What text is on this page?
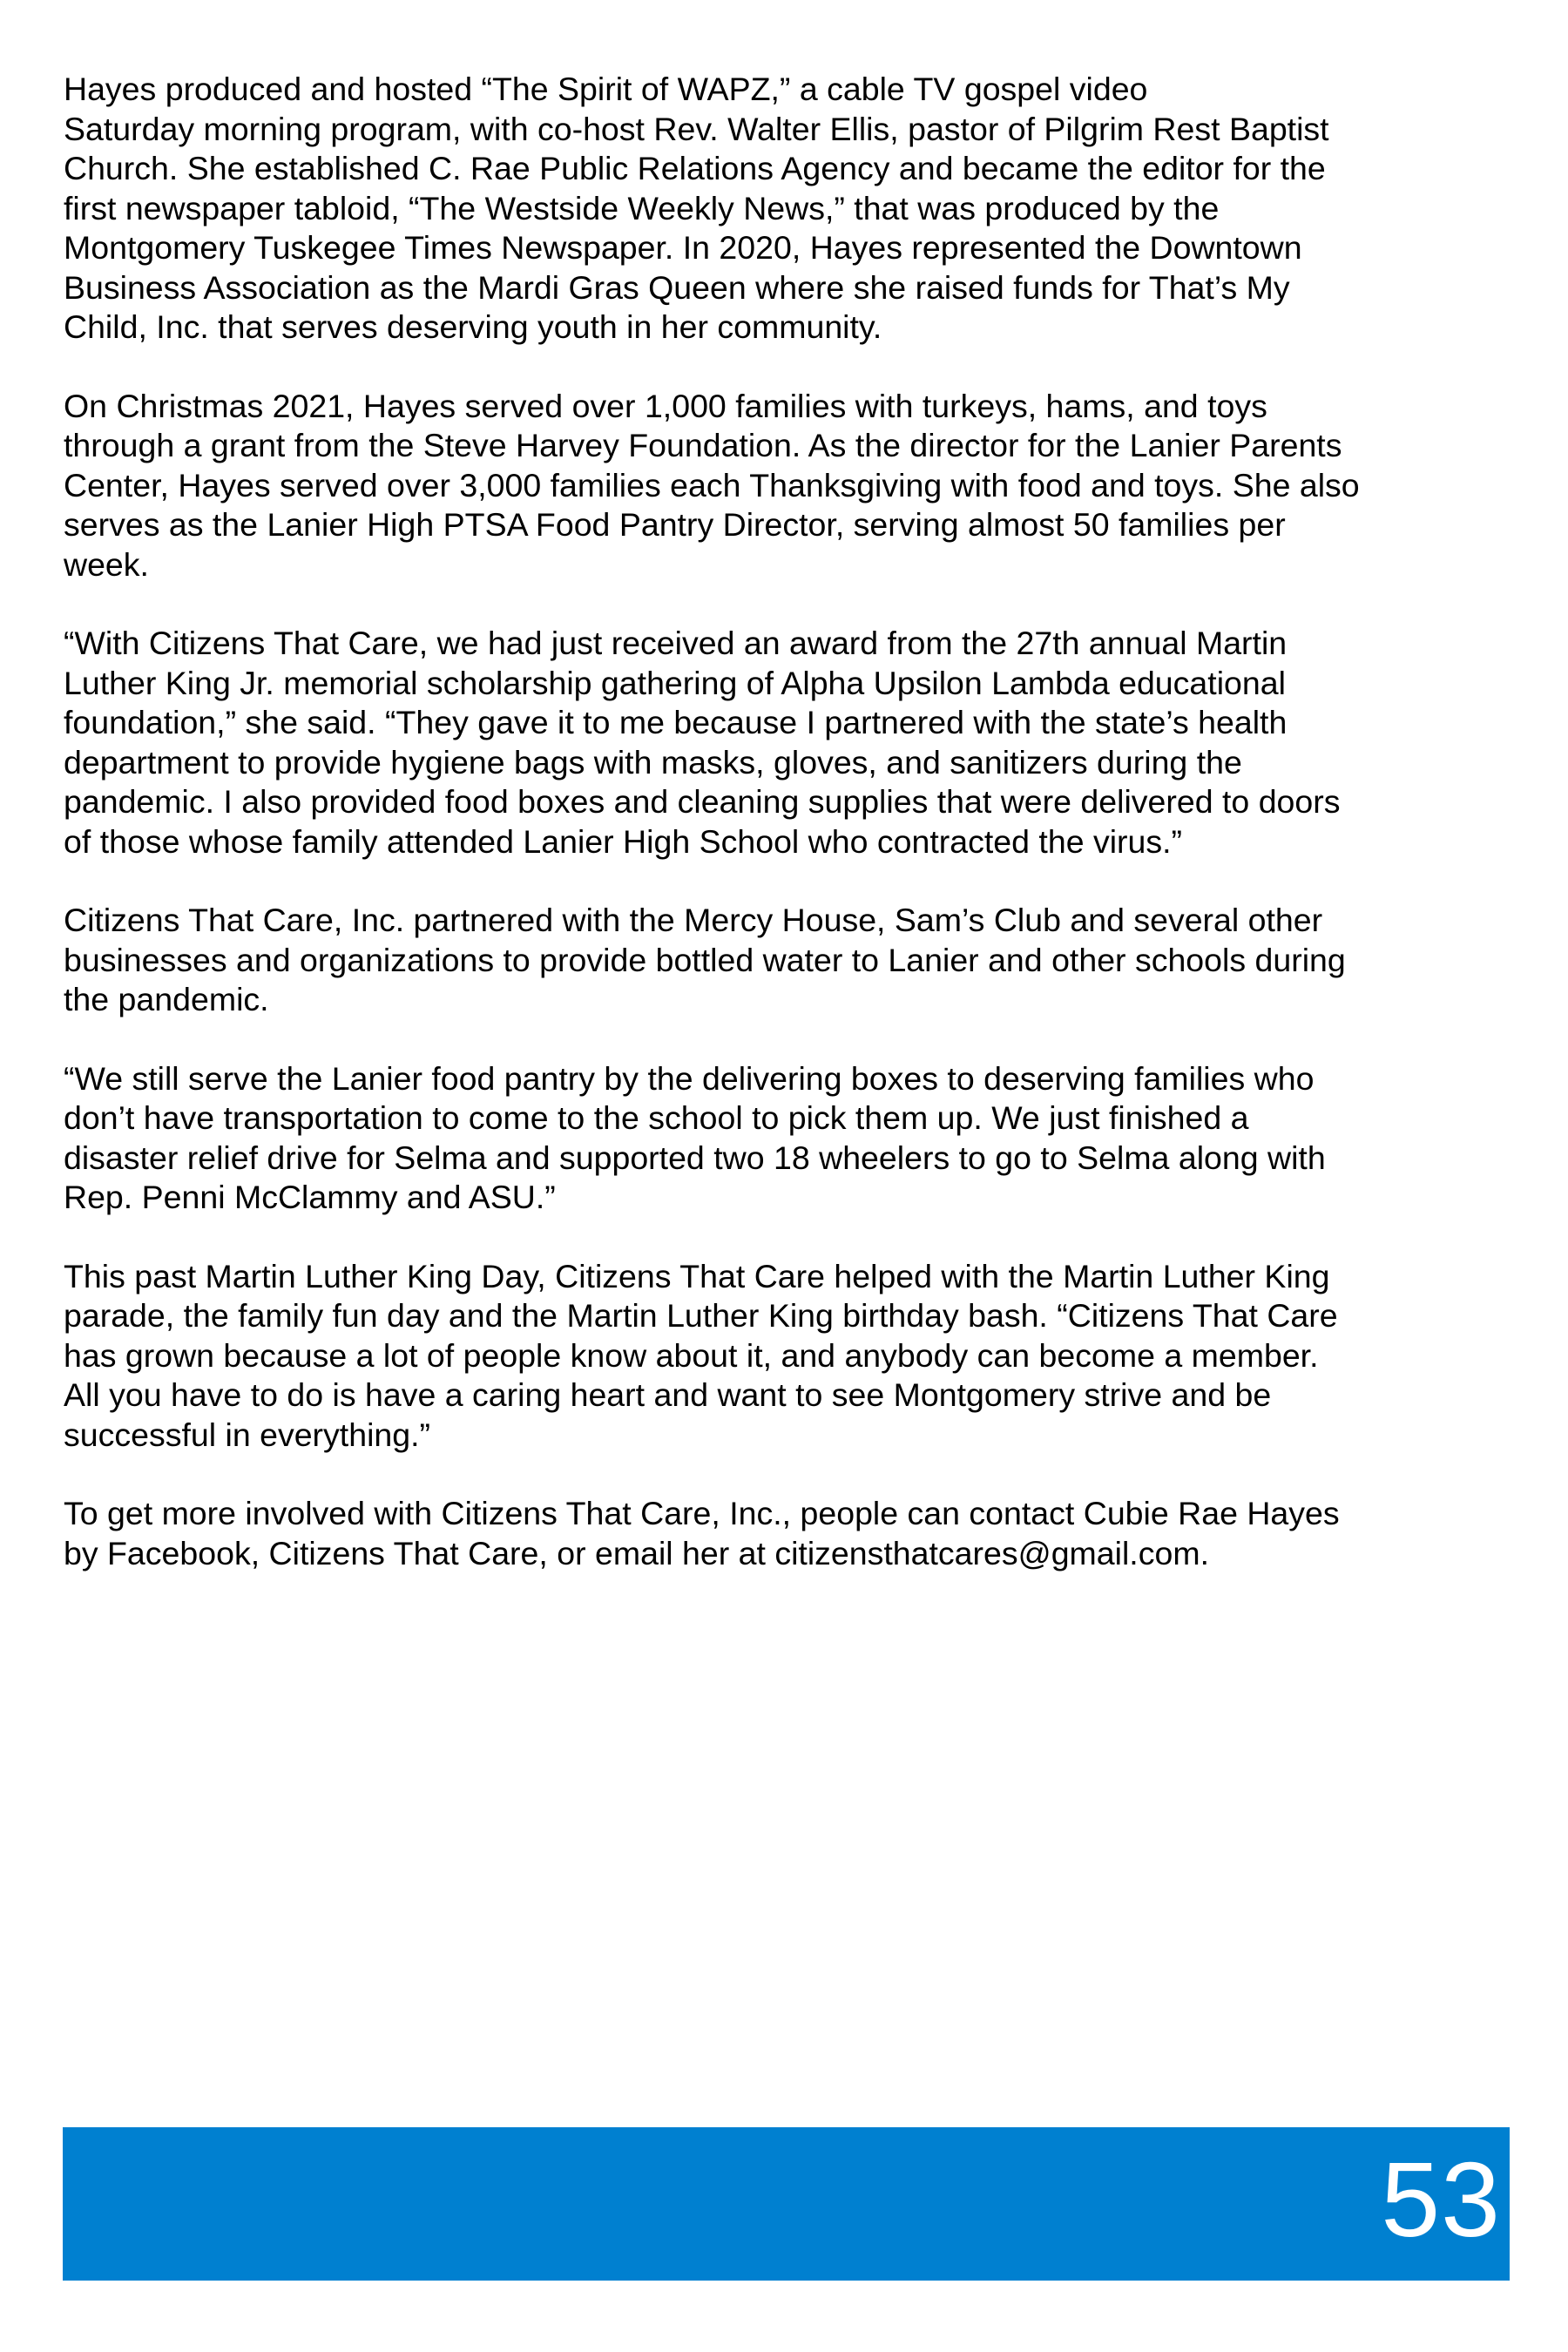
Hayes produced and hosted “The Spirit of WAPZ,” a cable TV gospel video
Saturday morning program, with co-host Rev. Walter Ellis, pastor of Pilgrim Rest Baptist
Church. She established C. Rae Public Relations Agency and became the editor for the
first newspaper tabloid, “The Westside Weekly News,” that was produced by the
Montgomery Tuskegee Times Newspaper. In 2020, Hayes represented the Downtown
Business Association as the Mardi Gras Queen where she raised funds for That’s My
Child, Inc. that serves deserving youth in her community.

On Christmas 2021, Hayes served over 1,000 families with turkeys, hams, and toys
through a grant from the Steve Harvey Foundation. As the director for the Lanier Parents
Center, Hayes served over 3,000 families each Thanksgiving with food and toys. She also
serves as the Lanier High PTSA Food Pantry Director, serving almost 50 families per
week.

“With Citizens That Care, we had just received an award from the 27th annual Martin
Luther King Jr. memorial scholarship gathering of Alpha Upsilon Lambda educational
foundation,” she said. “They gave it to me because I partnered with the state’s health
department to provide hygiene bags with masks, gloves, and sanitizers during the
pandemic. I also provided food boxes and cleaning supplies that were delivered to doors
of those whose family attended Lanier High School who contracted the virus.”

Citizens That Care, Inc. partnered with the Mercy House, Sam’s Club and several other
businesses and organizations to provide bottled water to Lanier and other schools during
the pandemic.

“We still serve the Lanier food pantry by the delivering boxes to deserving families who
don’t have transportation to come to the school to pick them up. We just finished a
disaster relief drive for Selma and supported two 18 wheelers to go to Selma along with
Rep. Penni McClammy and ASU.”

This past Martin Luther King Day, Citizens That Care helped with the Martin Luther King
parade, the family fun day and the Martin Luther King birthday bash. “Citizens That Care
has grown because a lot of people know about it, and anybody can become a member.
All you have to do is have a caring heart and want to see Montgomery strive and be
successful in everything.”

To get more involved with Citizens That Care, Inc., people can contact Cubie Rae Hayes
by Facebook, Citizens That Care, or email her at citizensthatcares@gmail.com.

53
